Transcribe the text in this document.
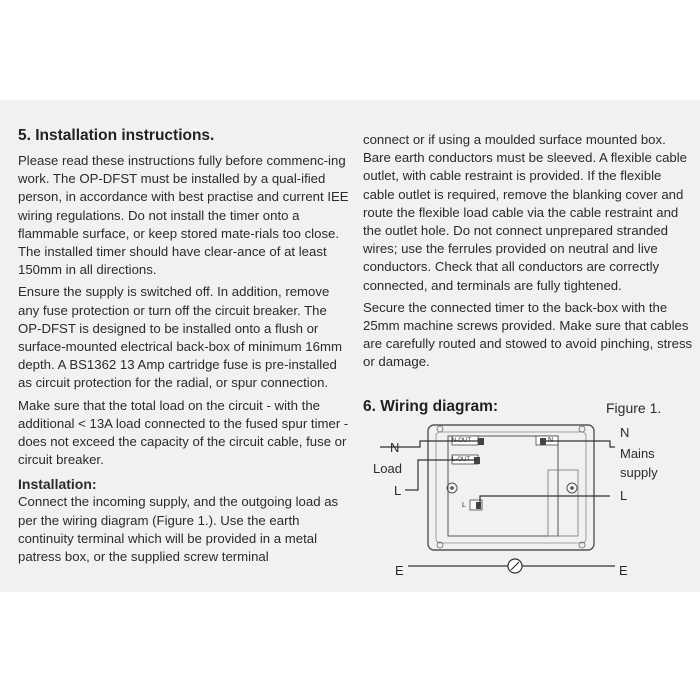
5. Installation instructions.

Please read these instructions fully before commenc-ing work. The OP-DFST must be installed by a qual-ified person, in accordance with best practise and current IEE wiring regulations. Do not install the timer onto a flammable surface, or keep stored mate-rials too close. The installed timer should have clear-ance of at least 150mm in all directions.

Ensure the supply is switched off. In addition, remove any fuse protection or turn off the circuit breaker. The OP-DFST is designed to be installed onto a flush or surface-mounted electrical back-box of minimum 16mm depth. A BS1362 13 Amp cartridge fuse is pre-installed as circuit protection for the radial, or spur connection.

Make sure that the total load on the circuit - with the additional < 13A load connected to the fused spur timer - does not exceed the capacity of the circuit cable, fuse or circuit breaker.

Installation:

Connect the incoming supply, and the outgoing load as per the wiring diagram (Figure 1.). Use the earth continuity terminal which will be provided in a metal patress box, or the supplied screw terminal

connect or if using a moulded surface mounted box. Bare earth conductors must be sleeved. A flexible cable outlet, with cable restraint is provided. If the flexible cable outlet is required, remove the blanking cover and route the flexible load cable via the cable restraint and the outlet hole. Do not connect unprepared stranded wires; use the ferrules provided on neutral and live conductors. Check that all conductors are correctly connected, and terminals are fully tightened.

Secure the connected timer to the back-box with the 25mm machine screws provided. Make sure that cables are carefully routed and stowed to avoid pinching, stress or damage.

6. Wiring diagram:	Figure 1.
N-OUT	N
L-OUT
L
N
Load
L
N
Mains
supply
L
E	E
